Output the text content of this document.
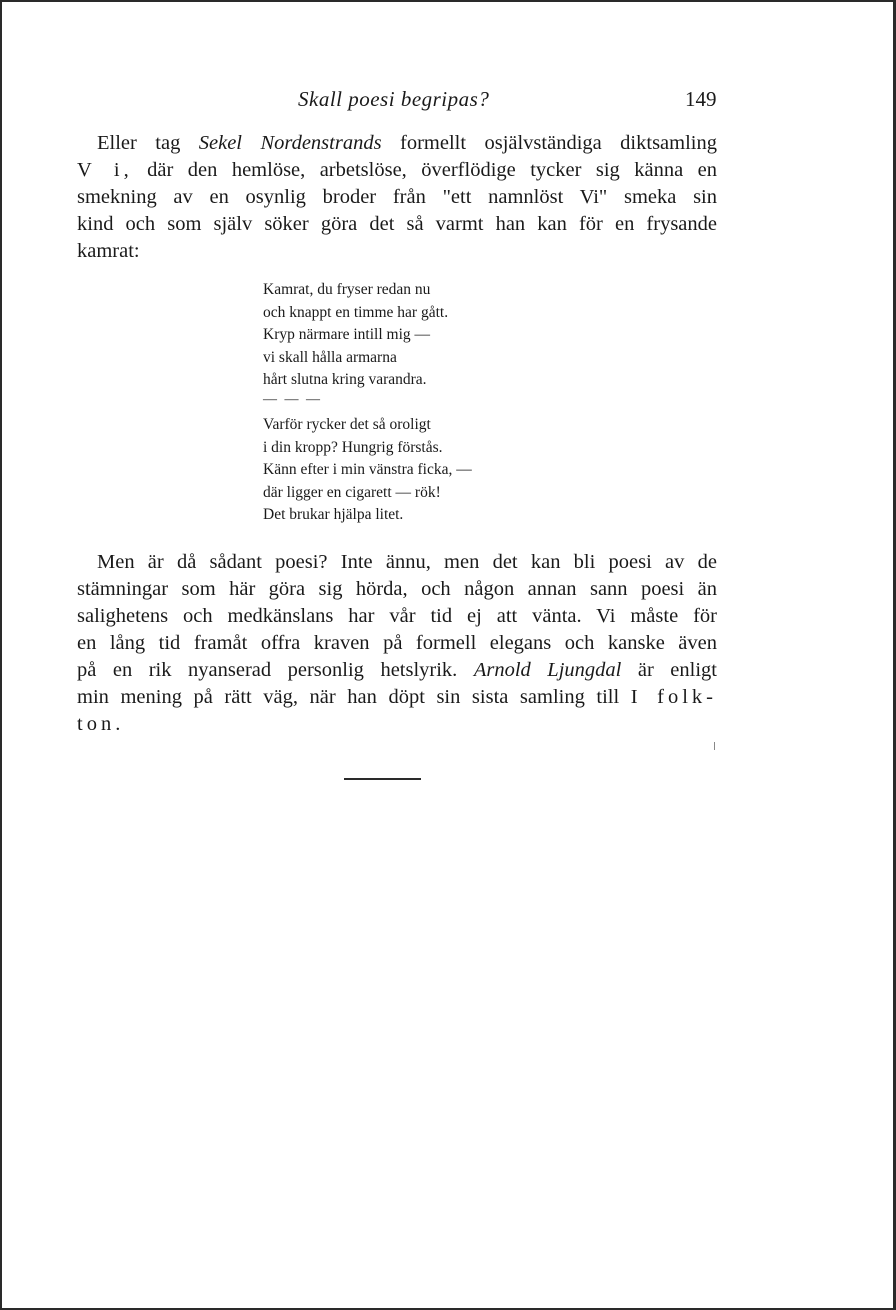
Skall poesi begripas?	149
Eller tag Sekel Nordenstrands formellt osjälvständiga diktsamling
V i, där den hemlöse, arbetslöse, överflödige tycker sig känna en
smekning av en osynlig broder från "ett namnlöst Vi" smeka sin
kind och som själv söker göra det så varmt han kan för en frysande
kamrat:
Kamrat, du fryser redan nu
och knappt en timme har gått.
Kryp närmare intill mig —
vi skall hålla armarna
hårt slutna kring varandra.
— — —
Varför rycker det så oroligt
i din kropp? Hungrig förstås.
Känn efter i min vänstra ficka, —
där ligger en cigarett — rök!
Det brukar hjälpa litet.
Men är då sådant poesi? Inte ännu, men det kan bli poesi av de
stämningar som här göra sig hörda, och någon annan sann poesi än
salighetens och medkänslans har vår tid ej att vänta. Vi måste för
en lång tid framåt offra kraven på formell elegans och kanske även
på en rik nyanserad personlig hetslyrik. Arnold Ljungdal är enligt
min mening på rätt väg, när han döpt sin sista samling till I folk-
ton.
